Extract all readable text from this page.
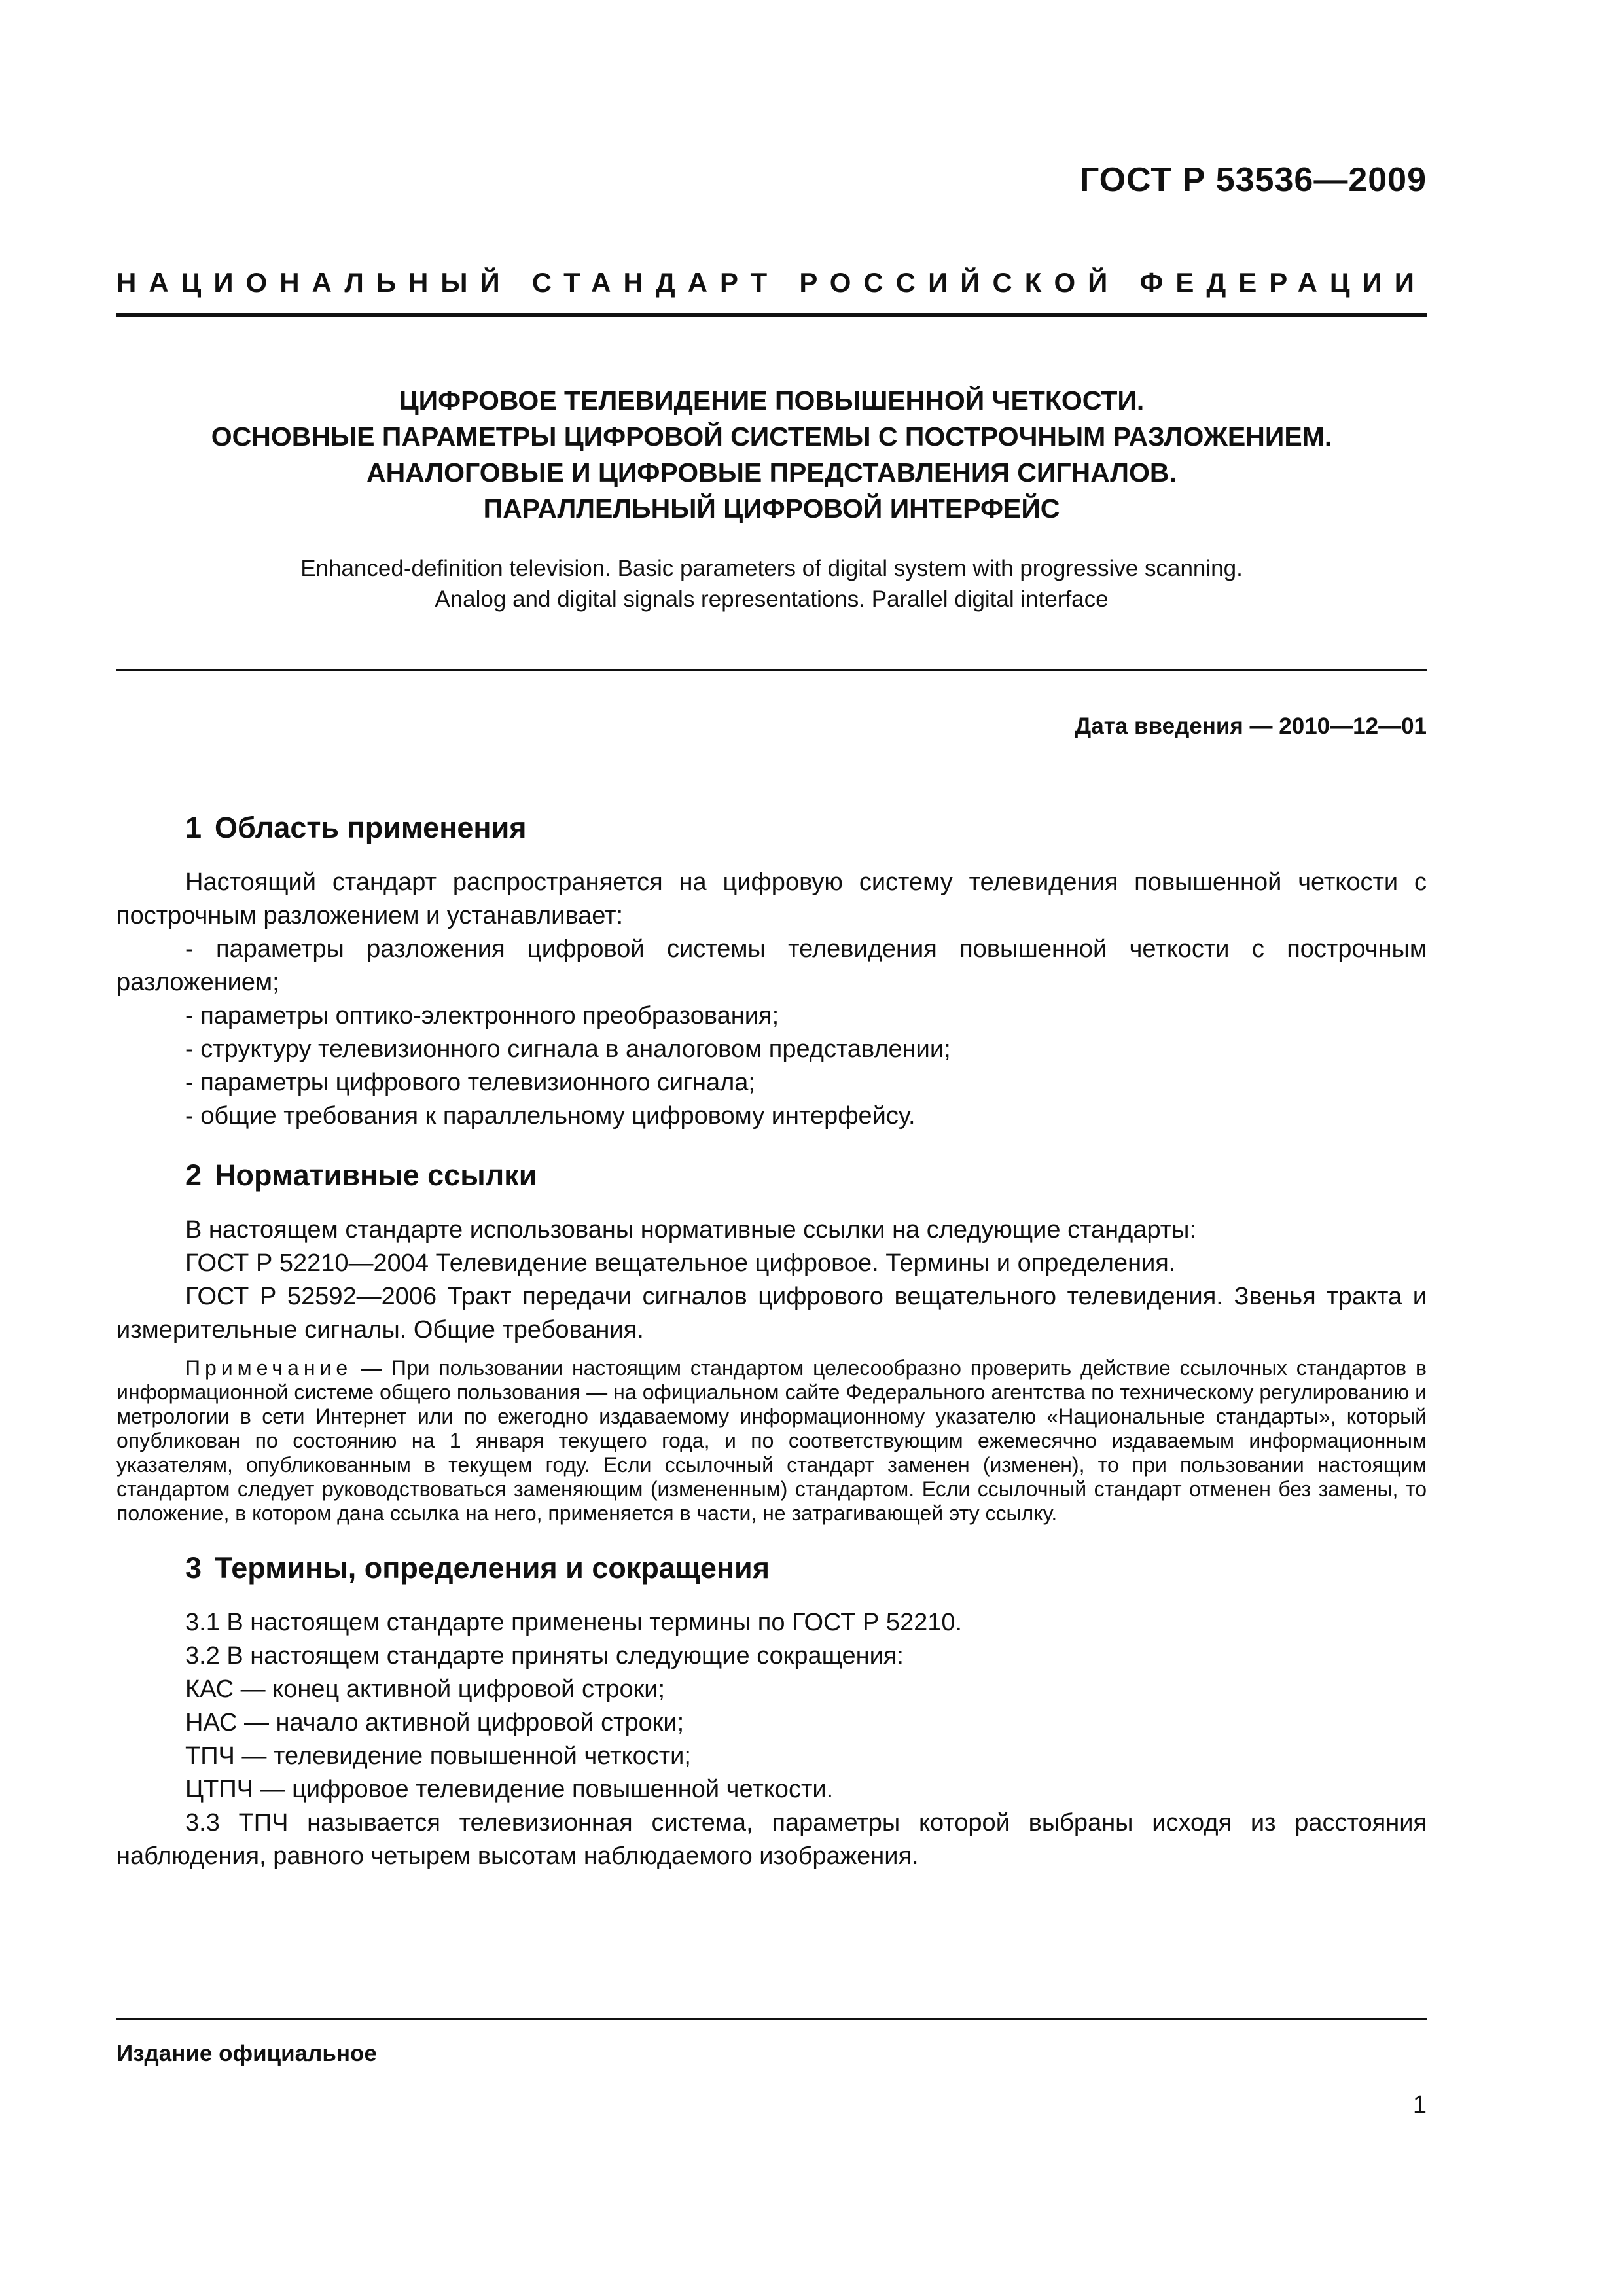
ГОСТ Р 53536—2009
НАЦИОНАЛЬНЫЙ СТАНДАРТ РОССИЙСКОЙ ФЕДЕРАЦИИ
ЦИФРОВОЕ ТЕЛЕВИДЕНИЕ ПОВЫШЕННОЙ ЧЕТКОСТИ.
ОСНОВНЫЕ ПАРАМЕТРЫ ЦИФРОВОЙ СИСТЕМЫ С ПОСТРОЧНЫМ РАЗЛОЖЕНИЕМ.
АНАЛОГОВЫЕ И ЦИФРОВЫЕ ПРЕДСТАВЛЕНИЯ СИГНАЛОВ.
ПАРАЛЛЕЛЬНЫЙ ЦИФРОВОЙ ИНТЕРФЕЙС
Enhanced-definition television. Basic parameters of digital system with progressive scanning.
Analog and digital signals representations. Parallel digital interface
Дата введения — 2010—12—01
1 Область применения

Настоящий стандарт распространяется на цифровую систему телевидения повышенной четкости с построчным разложением и устанавливает:

- параметры разложения цифровой системы телевидения повышенной четкости с построчным разложением;

- параметры оптико-электронного преобразования;

- структуру телевизионного сигнала в аналоговом представлении;

- параметры цифрового телевизионного сигнала;

- общие требования к параллельному цифровому интерфейсу.

2 Нормативные ссылки

В настоящем стандарте использованы нормативные ссылки на следующие стандарты:

ГОСТ Р 52210—2004 Телевидение вещательное цифровое. Термины и определения.

ГОСТ Р 52592—2006 Тракт передачи сигналов цифрового вещательного телевидения. Звенья тракта и измерительные сигналы. Общие требования.

Примечание — При пользовании настоящим стандартом целесообразно проверить действие ссылочных стандартов в информационной системе общего пользования — на официальном сайте Федерального агентства по техническому регулированию и метрологии в сети Интернет или по ежегодно издаваемому информационному указателю «Национальные стандарты», который опубликован по состоянию на 1 января текущего года, и по соответствующим ежемесячно издаваемым информационным указателям, опубликованным в текущем году. Если ссылочный стандарт заменен (изменен), то при пользовании настоящим стандартом следует руководствоваться заменяющим (измененным) стандартом. Если ссылочный стандарт отменен без замены, то положение, в котором дана ссылка на него, применяется в части, не затрагивающей эту ссылку.

3 Термины, определения и сокращения

3.1 В настоящем стандарте применены термины по ГОСТ Р 52210.

3.2 В настоящем стандарте приняты следующие сокращения:

КАС — конец активной цифровой строки;

НАС — начало активной цифровой строки;

ТПЧ — телевидение повышенной четкости;

ЦТПЧ — цифровое телевидение повышенной четкости.

3.3 ТПЧ называется телевизионная система, параметры которой выбраны исходя из расстояния наблюдения, равного четырем высотам наблюдаемого изображения.

Издание официальное
1
